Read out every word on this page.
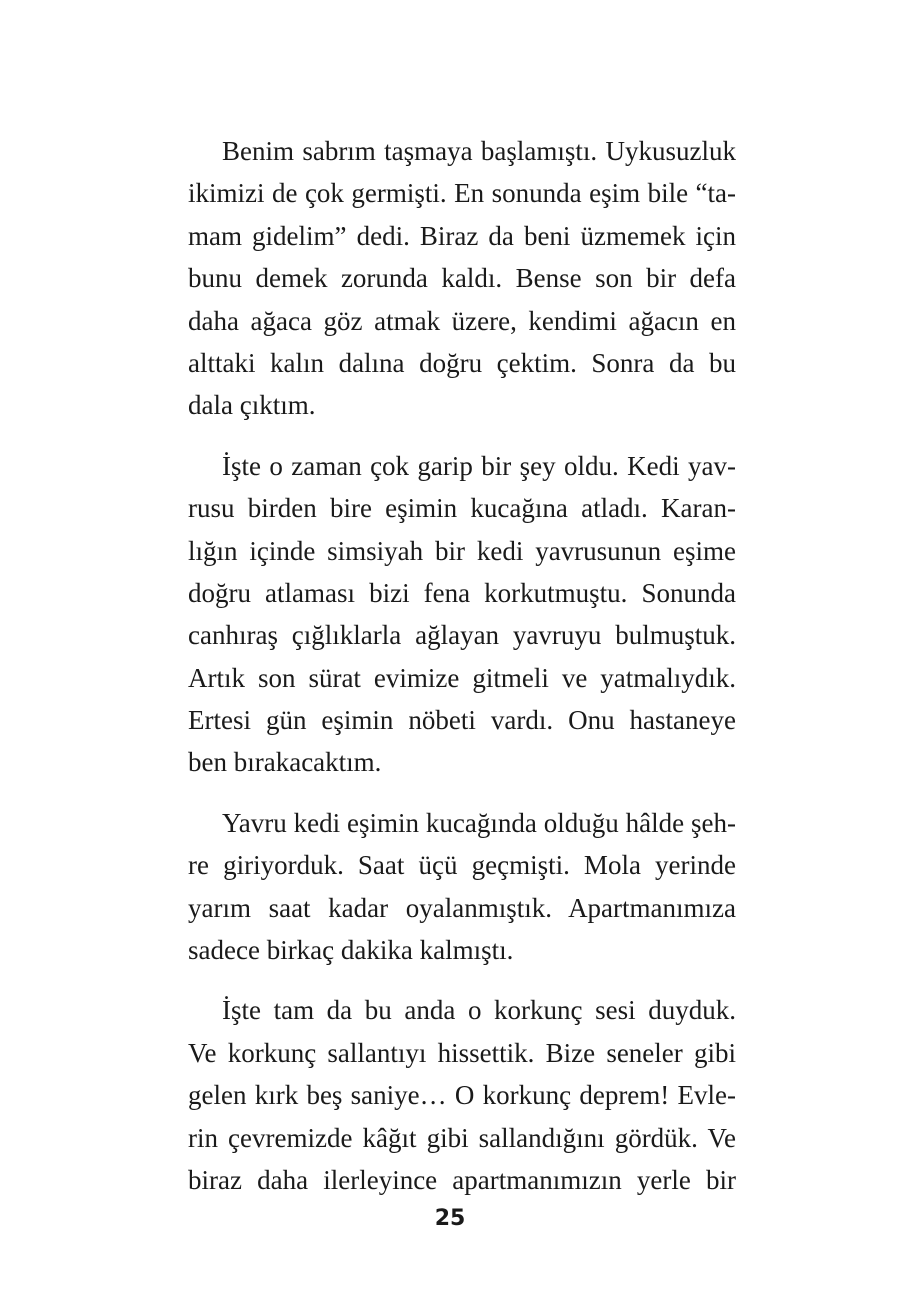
Benim sabrım taşmaya başlamıştı. Uykusuzluk
ikimizi de çok germişti. En sonunda eşim bile “ta-
mam gidelim” dedi. Biraz da beni üzmemek için
bunu demek zorunda kaldı. Bense son bir defa
daha ağaca göz atmak üzere, kendimi ağacın en
alttaki kalın dalına doğru çektim. Sonra da bu
dala çıktım.

İşte o zaman çok garip bir şey oldu. Kedi yav-
rusu birden bire eşimin kucağına atladı. Karan-
lığın içinde simsiyah bir kedi yavrusunun eşime
doğru atlaması bizi fena korkutmuştu. Sonunda
canhıraş çığlıklarla ağlayan yavruyu bulmuştuk.
Artık son sürat evimize gitmeli ve yatmalıydık.
Ertesi gün eşimin nöbeti vardı. Onu hastaneye
ben bırakacaktım.

Yavru kedi eşimin kucağında olduğu hâlde şeh-
re giriyorduk. Saat üçü geçmişti. Mola yerinde
yarım saat kadar oyalanmıştık. Apartmanımıza
sadece birkaç dakika kalmıştı.

İşte tam da bu anda o korkunç sesi duyduk.
Ve korkunç sallantıyı hissettik. Bize seneler gibi
gelen kırk beş saniye… O korkunç deprem! Evle-
rin çevremizde kâğıt gibi sallandığını gördük. Ve
biraz daha ilerleyince apartmanımızın yerle bir

25
